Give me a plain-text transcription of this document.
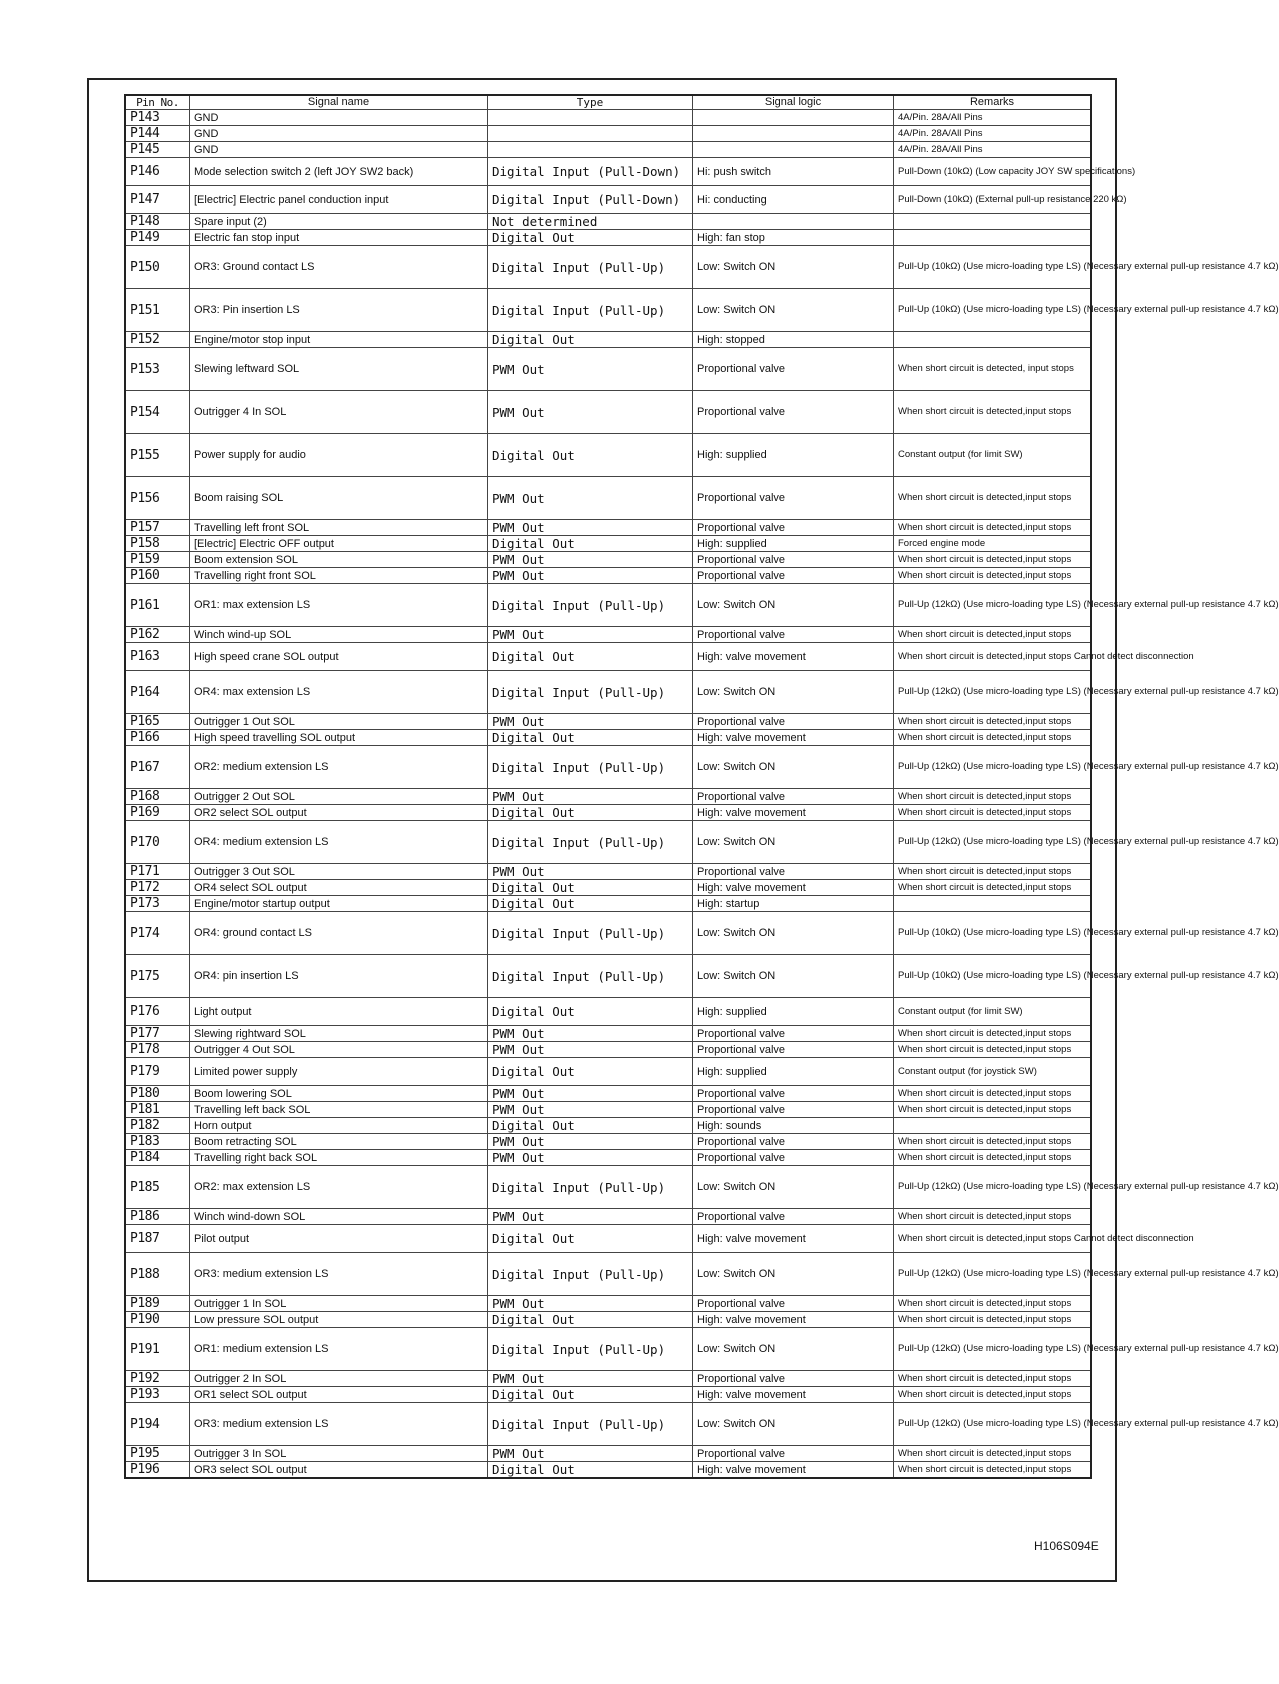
Pin No.	Signal name	Type	Signal logic	Remarks
P143	GND			4A/Pin. 28A/All Pins
P144	GND			4A/Pin. 28A/All Pins
P145	GND			4A/Pin. 28A/All Pins
P146	Mode selection switch 2 (left JOY SW2 back)	Digital Input (Pull-Down)	Hi: push switch	Pull-Down (10kΩ) (Low capacity JOY SW specifications)
P147	[Electric] Electric panel conduction input	Digital Input (Pull-Down)	Hi: conducting	Pull-Down (10kΩ) (External pull-up resistance 220 kΩ)
P148	Spare input (2)	Not determined		
P149	Electric fan stop input	Digital Out	High: fan stop	
P150	OR3: Ground contact LS	Digital Input (Pull-Up)	Low: Switch ON	Pull-Up (10kΩ) (Use micro-loading type LS) (Necessary external pull-up resistance 4.7 kΩ)
P151	OR3: Pin insertion LS	Digital Input (Pull-Up)	Low: Switch ON	Pull-Up (10kΩ) (Use micro-loading type LS) (Necessary external pull-up resistance 4.7 kΩ)
P152	Engine/motor stop input	Digital Out	High: stopped	
P153	Slewing leftward SOL	PWM Out	Proportional valve	When short circuit is detected, input stops
P154	Outrigger 4 In SOL	PWM Out	Proportional valve	When short circuit is detected,input stops
P155	Power supply for audio	Digital Out	High: supplied	Constant output (for limit SW)
P156	Boom raising SOL	PWM Out	Proportional valve	When short circuit is detected,input stops
P157	Travelling left front SOL	PWM Out	Proportional valve	When short circuit is detected,input stops
P158	[Electric] Electric OFF output	Digital Out	High: supplied	Forced engine mode
P159	Boom extension SOL	PWM Out	Proportional valve	When short circuit is detected,input stops
P160	Travelling right front SOL	PWM Out	Proportional valve	When short circuit is detected,input stops
P161	OR1: max extension LS	Digital Input (Pull-Up)	Low: Switch ON	Pull-Up (12kΩ) (Use micro-loading type LS) (Necessary external pull-up resistance 4.7 kΩ)
P162	Winch wind-up SOL	PWM Out	Proportional valve	When short circuit is detected,input stops
P163	High speed crane SOL output	Digital Out	High: valve movement	When short circuit is detected,input stops Cannot detect disconnection
P164	OR4: max extension LS	Digital Input (Pull-Up)	Low: Switch ON	Pull-Up (12kΩ) (Use micro-loading type LS) (Necessary external pull-up resistance 4.7 kΩ)
P165	Outrigger 1 Out SOL	PWM Out	Proportional valve	When short circuit is detected,input stops
P166	High speed travelling SOL output	Digital Out	High: valve movement	When short circuit is detected,input stops
P167	OR2: medium extension LS	Digital Input (Pull-Up)	Low: Switch ON	Pull-Up (12kΩ) (Use micro-loading type LS) (Necessary external pull-up resistance 4.7 kΩ)
P168	Outrigger 2 Out SOL	PWM Out	Proportional valve	When short circuit is detected,input stops
P169	OR2 select SOL output	Digital Out	High: valve movement	When short circuit is detected,input stops
P170	OR4: medium extension LS	Digital Input (Pull-Up)	Low: Switch ON	Pull-Up (12kΩ) (Use micro-loading type LS) (Necessary external pull-up resistance 4.7 kΩ)
P171	Outrigger 3 Out SOL	PWM Out	Proportional valve	When short circuit is detected,input stops
P172	OR4 select SOL output	Digital Out	High: valve movement	When short circuit is detected,input stops
P173	Engine/motor startup output	Digital Out	High: startup	
P174	OR4: ground contact LS	Digital Input (Pull-Up)	Low: Switch ON	Pull-Up (10kΩ) (Use micro-loading type LS) (Necessary external pull-up resistance 4.7 kΩ)
P175	OR4: pin insertion LS	Digital Input (Pull-Up)	Low: Switch ON	Pull-Up (10kΩ) (Use micro-loading type LS) (Necessary external pull-up resistance 4.7 kΩ)
P176	Light output	Digital Out	High: supplied	Constant output (for limit SW)
P177	Slewing rightward SOL	PWM Out	Proportional valve	When short circuit is detected,input stops
P178	Outrigger 4 Out SOL	PWM Out	Proportional valve	When short circuit is detected,input stops
P179	Limited power supply	Digital Out	High: supplied	Constant output (for joystick SW)
P180	Boom lowering SOL	PWM Out	Proportional valve	When short circuit is detected,input stops
P181	Travelling left back SOL	PWM Out	Proportional valve	When short circuit is detected,input stops
P182	Horn output	Digital Out	High: sounds	
P183	Boom retracting SOL	PWM Out	Proportional valve	When short circuit is detected,input stops
P184	Travelling right back SOL	PWM Out	Proportional valve	When short circuit is detected,input stops
P185	OR2: max extension LS	Digital Input (Pull-Up)	Low: Switch ON	Pull-Up (12kΩ) (Use micro-loading type LS) (Necessary external pull-up resistance 4.7 kΩ)
P186	Winch wind-down SOL	PWM Out	Proportional valve	When short circuit is detected,input stops
P187	Pilot output	Digital Out	High: valve movement	When short circuit is detected,input stops Cannot detect disconnection
P188	OR3: medium extension LS	Digital Input (Pull-Up)	Low: Switch ON	Pull-Up (12kΩ) (Use micro-loading type LS) (Necessary external pull-up resistance 4.7 kΩ)
P189	Outrigger 1 In SOL	PWM Out	Proportional valve	When short circuit is detected,input stops
P190	Low pressure SOL output	Digital Out	High: valve movement	When short circuit is detected,input stops
P191	OR1: medium extension LS	Digital Input (Pull-Up)	Low: Switch ON	Pull-Up (12kΩ) (Use micro-loading type LS) (Necessary external pull-up resistance 4.7 kΩ)
P192	Outrigger 2 In SOL	PWM Out	Proportional valve	When short circuit is detected,input stops
P193	OR1 select SOL output	Digital Out	High: valve movement	When short circuit is detected,input stops
P194	OR3: medium extension LS	Digital Input (Pull-Up)	Low: Switch ON	Pull-Up (12kΩ) (Use micro-loading type LS) (Necessary external pull-up resistance 4.7 kΩ)
P195	Outrigger 3 In SOL	PWM Out	Proportional valve	When short circuit is detected,input stops
P196	OR3 select SOL output	Digital Out	High: valve movement	When short circuit is detected,input stops
H106S094E
